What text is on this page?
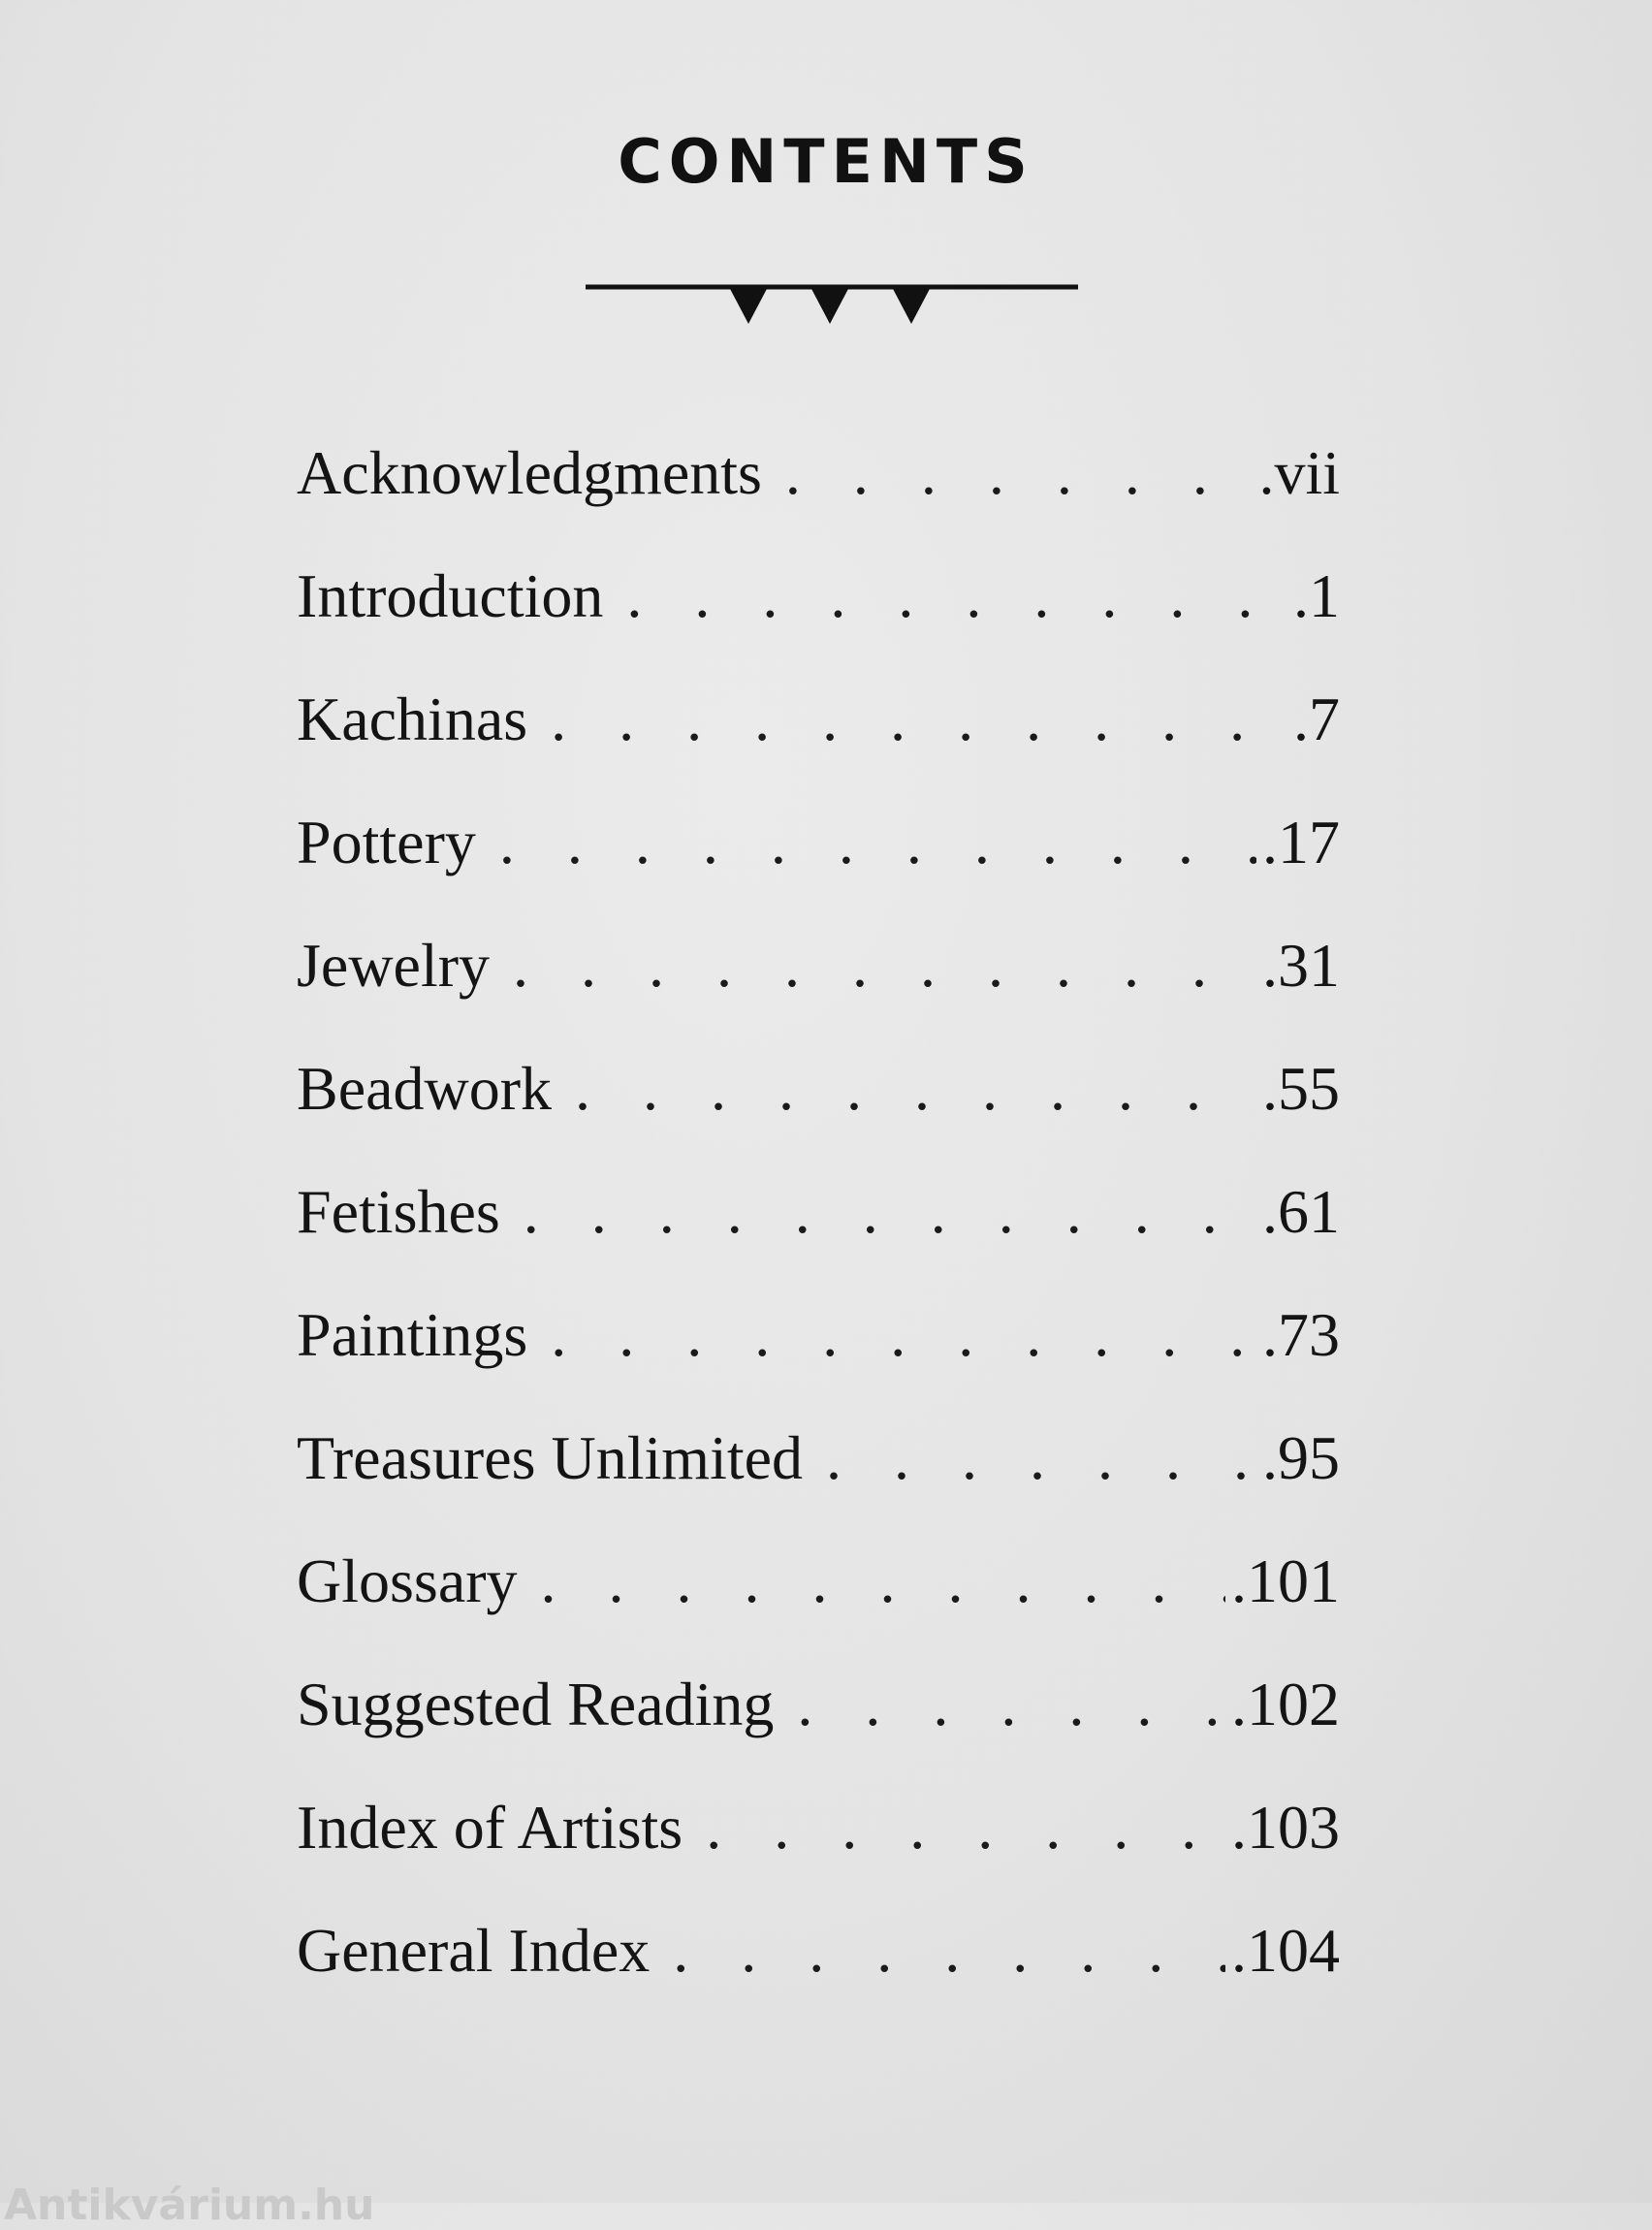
CONTENTS
Acknowledgments . . .	.vii
Introduction . . .	.1
Kachinas . . .	.7
Pottery . . .	.17
Jewelry . . .	.31
Beadwork . . .	.55
Fetishes . . .	.61
Paintings . . .	.73
Treasures Unlimited . . .	.95
Glossary . . .	.101
Suggested Reading . . .	.102
Index of Artists . . .	.103
General Index . . .	.104
Antikvárium.hu
